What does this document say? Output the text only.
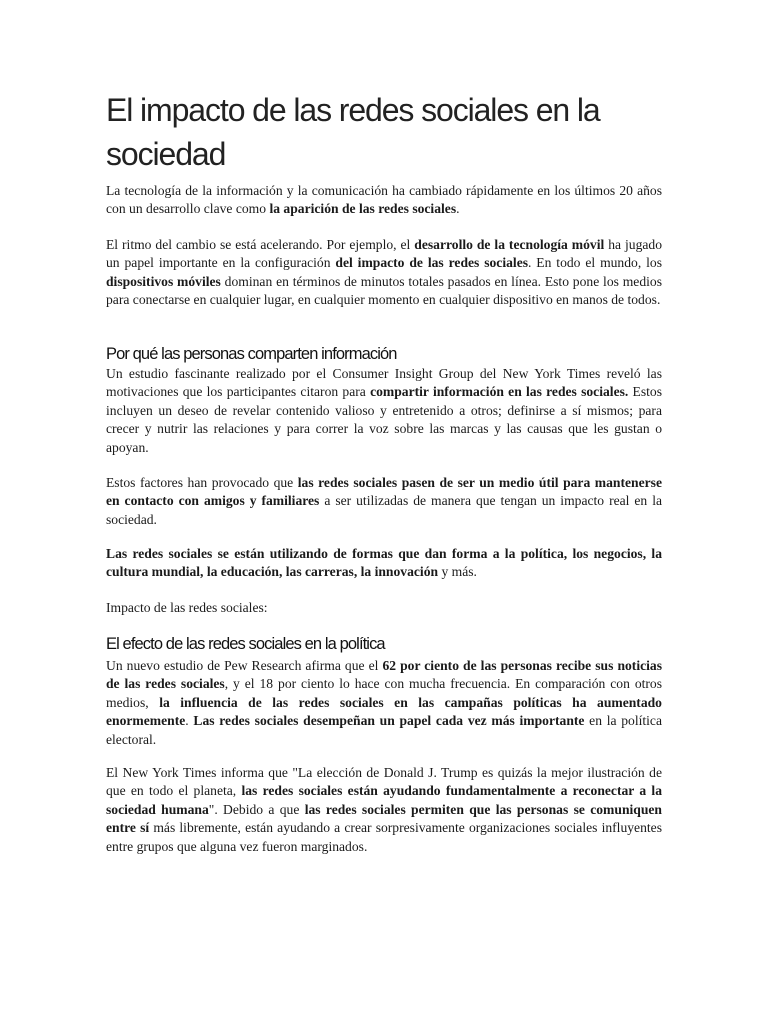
El impacto de las redes sociales en la sociedad

La tecnología de la información y la comunicación ha cambiado rápidamente en los últimos 20 años con un desarrollo clave como la aparición de las redes sociales.

El ritmo del cambio se está acelerando. Por ejemplo, el desarrollo de la tecnología móvil ha jugado un papel importante en la configuración del impacto de las redes sociales. En todo el mundo, los dispositivos móviles dominan en términos de minutos totales pasados en línea. Esto pone los medios para conectarse en cualquier lugar, en cualquier momento en cualquier dispositivo en manos de todos.

Por qué las personas comparten información

Un estudio fascinante realizado por el Consumer Insight Group del New York Times reveló las motivaciones que los participantes citaron para compartir información en las redes sociales. Estos incluyen un deseo de revelar contenido valioso y entretenido a otros; definirse a sí mismos; para crecer y nutrir las relaciones y para correr la voz sobre las marcas y las causas que les gustan o apoyan.

Estos factores han provocado que las redes sociales pasen de ser un medio útil para mantenerse en contacto con amigos y familiares a ser utilizadas de manera que tengan un impacto real en la sociedad.

Las redes sociales se están utilizando de formas que dan forma a la política, los negocios, la cultura mundial, la educación, las carreras, la innovación y más.

Impacto de las redes sociales:

El efecto de las redes sociales en la política

Un nuevo estudio de Pew Research afirma que el 62 por ciento de las personas recibe sus noticias de las redes sociales, y el 18 por ciento lo hace con mucha frecuencia. En comparación con otros medios, la influencia de las redes sociales en las campañas políticas ha aumentado enormemente. Las redes sociales desempeñan un papel cada vez más importante en la política electoral.

El New York Times informa que "La elección de Donald J. Trump es quizás la mejor ilustración de que en todo el planeta, las redes sociales están ayudando fundamentalmente a reconectar a la sociedad humana". Debido a que las redes sociales permiten que las personas se comuniquen entre sí más libremente, están ayudando a crear sorpresivamente organizaciones sociales influyentes entre grupos que alguna vez fueron marginados.
